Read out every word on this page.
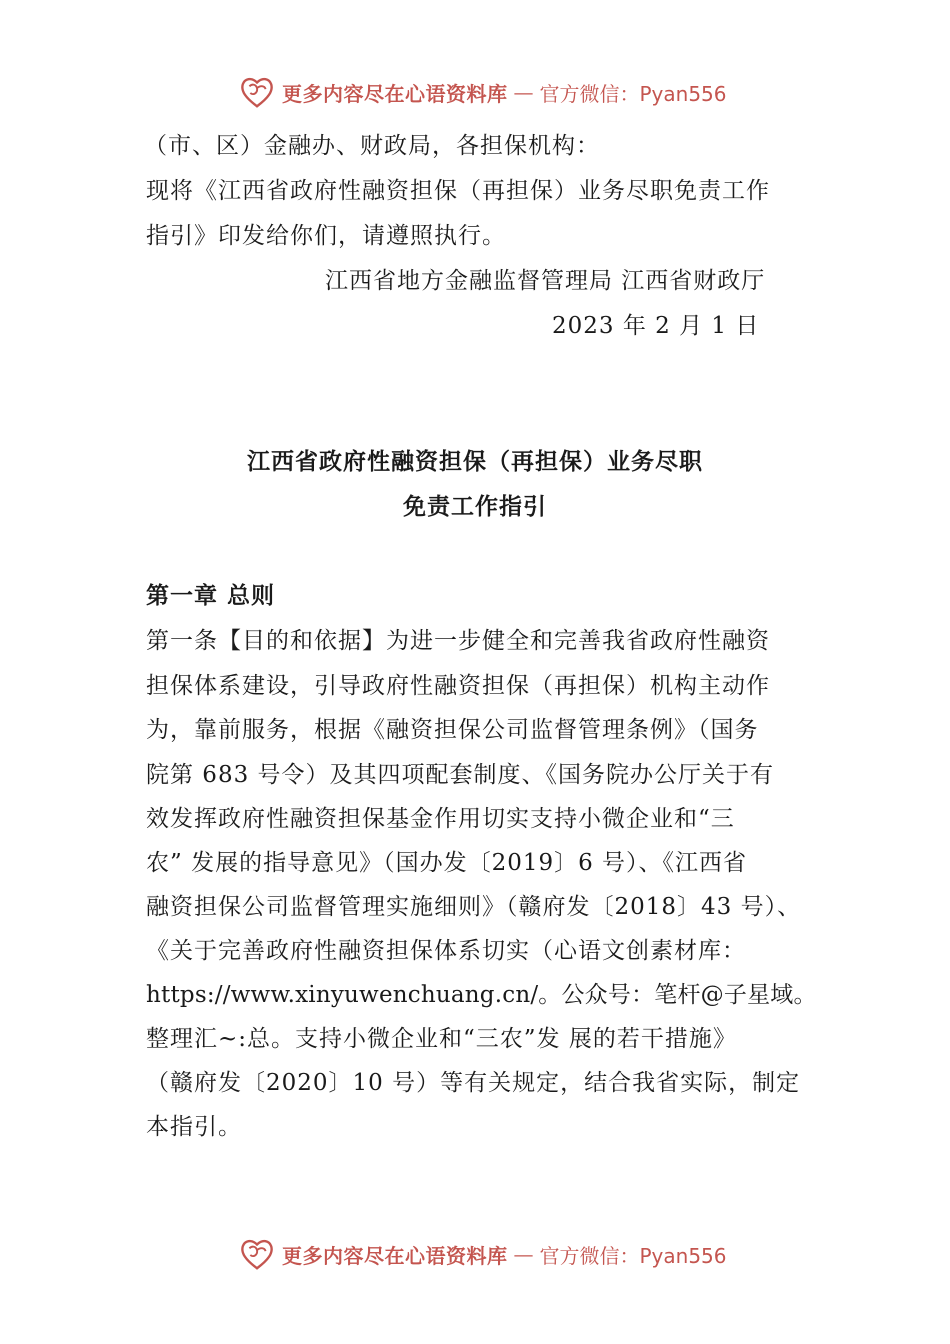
更多内容尽在心语资料库 — 官方微信：Pyan556
（市、区）金融办、财政局，各担保机构：
现将《江西省政府性融资担保（再担保）业务尽职免责工作
指引》印发给你们，请遵照执行。
江西省地方金融监督管理局 江西省财政厅
2023 年 2 月 1 日
江西省政府性融资担保（再担保）业务尽职
免责工作指引
第一章 总则
第一条【目的和依据】为进一步健全和完善我省政府性融资
担保体系建设，引导政府性融资担保（再担保）机构主动作
为，靠前服务，根据《融资担保公司监督管理条例》（国务
院第 683 号令）及其四项配套制度、《国务院办公厅关于有
效发挥政府性融资担保基金作用切实支持小微企业和“三
农” 发展的指导意见》（国办发〔2019〕6 号）、《江西省
融资担保公司监督管理实施细则》（赣府发〔2018〕43 号）、
《关于完善政府性融资担保体系切实（心语文创素材库：
https://www.xinyuwenchuang.cn/。公众号：笔杆@子星域。
整理汇~:总。支持小微企业和“三农”发 展的若干措施》
（赣府发〔2020〕10 号）等有关规定，结合我省实际，制定
本指引。
更多内容尽在心语资料库 — 官方微信：Pyan556
